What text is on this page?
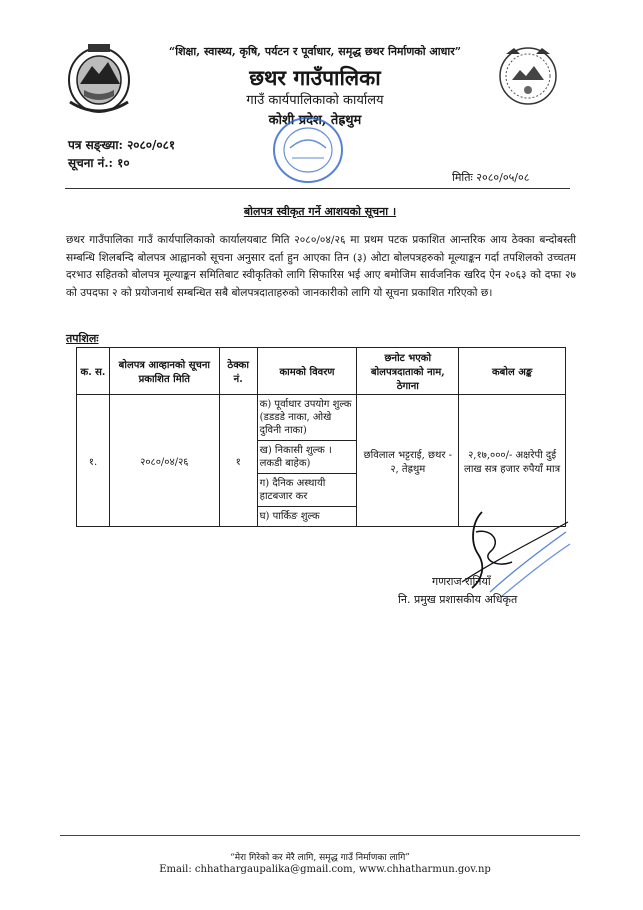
“शिक्षा, स्वास्थ्य, कृषि, पर्यटन र पूर्वाधार, समृद्ध छथर निर्माणको आधार”
छथर गाउँपालिका
गाउँ कार्यपालिकाको कार्यालय
कोशी प्रदेश, तेह्रथुम
पत्र सङ्ख्या: २०८०/०८१
सूचना नं.: १०
मितिः २०८०/०५/०८
बोलपत्र स्वीकृत गर्ने आशयको सूचना ।
छथर गाउँपालिका गाउँ कार्यपालिकाको कार्यालयबाट मिति २०८०/०४/२६ मा प्रथम पटक प्रकाशित आन्तरिक आय ठेक्का बन्दोबस्ती सम्बन्धि शिलबन्दि बोलपत्र आह्वानको सूचना अनुसार दर्ता हुन आएका तिन (३) ओटा बोलपत्रहरुको मूल्याङ्कन गर्दा तपशिलको उच्चतम दरभाउ सहितको बोलपत्र मूल्याङ्कन समितिबाट स्वीकृतिको लागि सिफारिस भई आए बमोजिम सार्वजनिक खरिद ऐन २०६३ को दफा २७ को उपदफा २ को प्रयोजनार्थ सम्बन्धित सबै बोलपत्रदाताहरुको जानकारीको लागि यो सूचना प्रकाशित गरिएको छ।
तपशिलः
क. स.	बोलपत्र आव्हानको सूचना प्रकाशित मिति	ठेक्का नं.	कामको विवरण	छनोट भएको बोलपत्रदाताको नाम, ठेगाना	कबोल अङ्क
१.	२०८०/०४/२६	१	क) पूर्वाधार उपयोग शुल्क (डडडडे नाका, ओखे दुविनी नाका)
ख) निकासी शुल्क । लकडी बाहेक)
ग) दैनिक अस्थायी हाटबजार कर
घ) पार्किङ शुल्क	छविलाल भट्टराई, छथर - २, तेह्रथुम	२,१७,०००/- अक्षरेपी दुई लाख सत्र हजार रुपैयाँ मात्र
गणराज रानियाँ
नि. प्रमुख प्रशासकीय अधिकृत
“मेरा गिरेको कर मेरै लागि, समृद्ध गाउँ निर्माणका लागि”
Email: chhathargaupalika@gmail.com, www.chhatharmun.gov.np
